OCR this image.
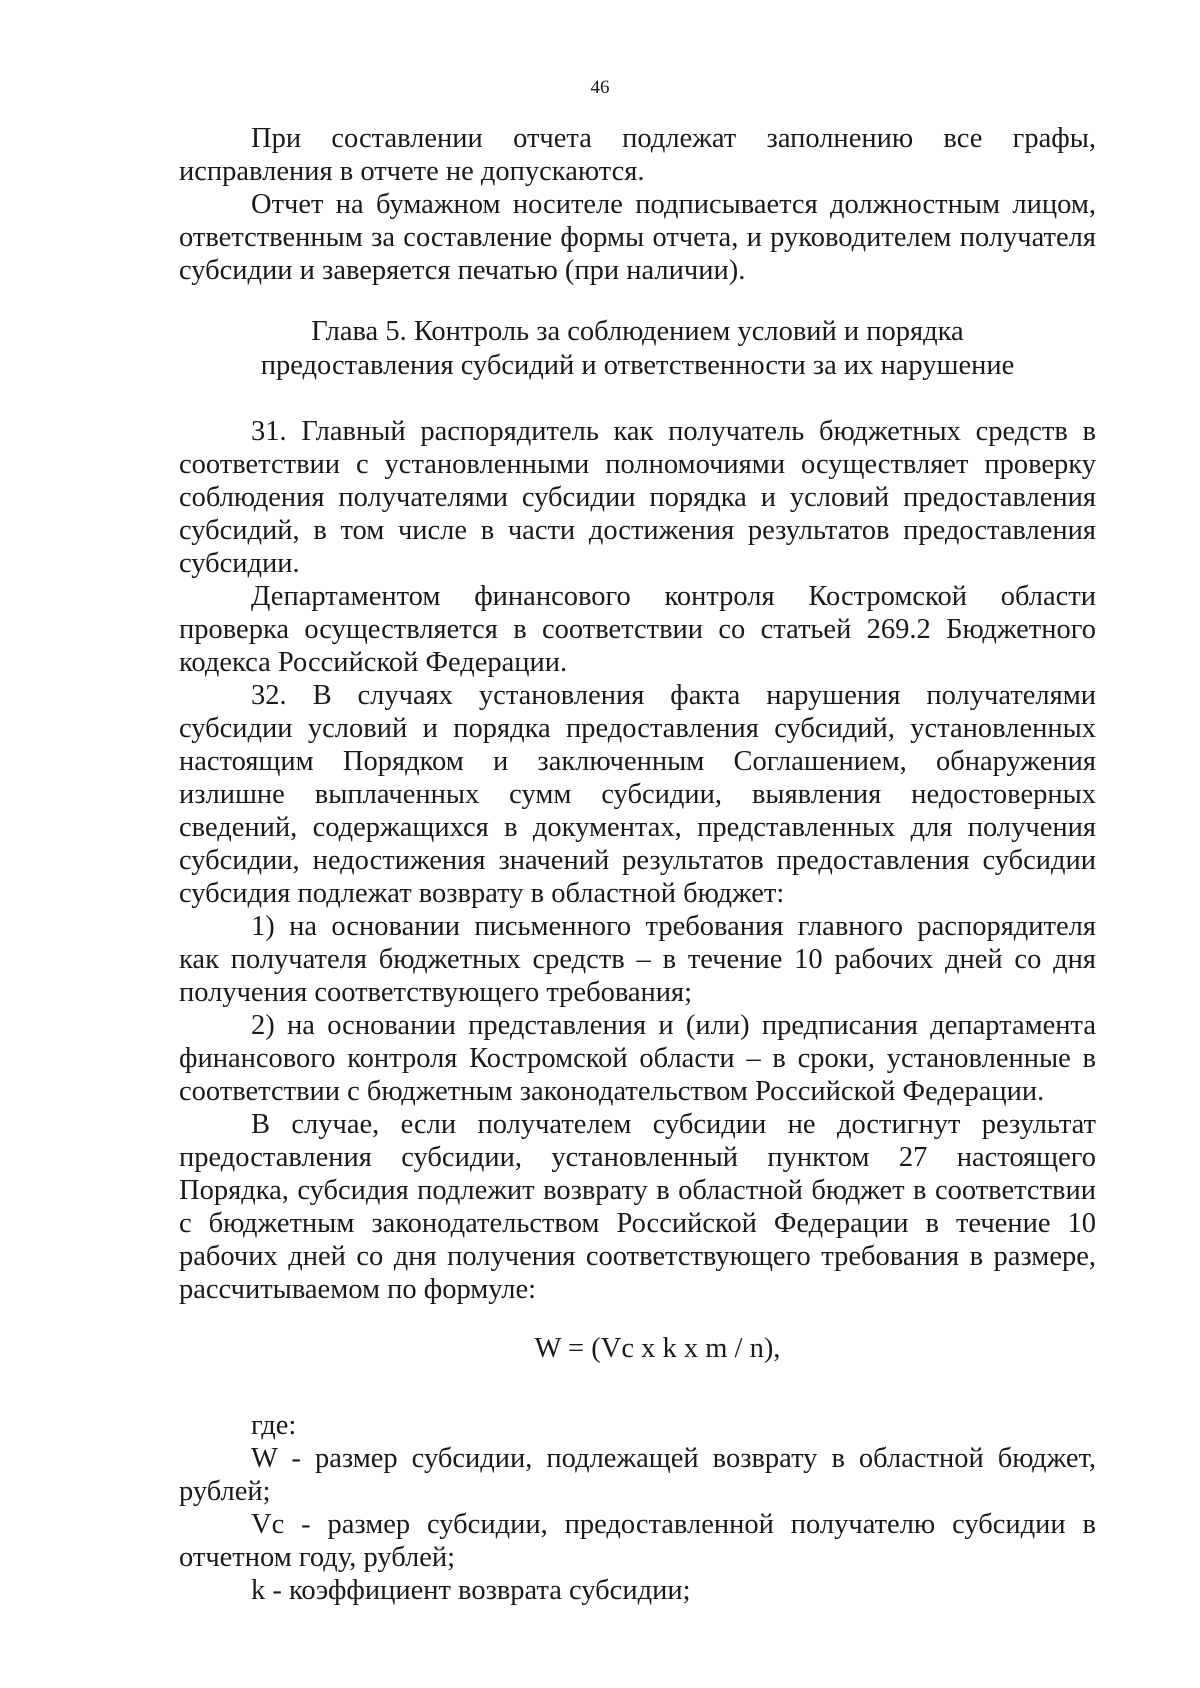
46

При составлении отчета подлежат заполнению все графы, исправления в отчете не допускаются.

Отчет на бумажном носителе подписывается должностным лицом, ответственным за составление формы отчета, и руководителем получателя субсидии и заверяется печатью (при наличии).

Глава 5. Контроль за соблюдением условий и порядка
предоставления субсидий и ответственности за их нарушение

31. Главный распорядитель как получатель бюджетных средств в соответствии с установленными полномочиями осуществляет проверку соблюдения получателями субсидии порядка и условий предоставления субсидий, в том числе в части достижения результатов предоставления субсидии.

Департаментом финансового контроля Костромской области проверка осуществляется в соответствии со статьей 269.2 Бюджетного кодекса Российской Федерации.

32. В случаях установления факта нарушения получателями субсидии условий и порядка предоставления субсидий, установленных настоящим Порядком и заключенным Соглашением, обнаружения излишне выплаченных сумм субсидии, выявления недостоверных сведений, содержащихся в документах, представленных для получения субсидии, недостижения значений результатов предоставления субсидии субсидия подлежат возврату в областной бюджет:

1) на основании письменного требования главного распорядителя как получателя бюджетных средств – в течение 10 рабочих дней со дня получения соответствующего требования;

2) на основании представления и (или) предписания департамента финансового контроля Костромской области – в сроки, установленные в соответствии с бюджетным законодательством Российской Федерации.

В случае, если получателем субсидии не достигнут результат предоставления субсидии, установленный пунктом 27 настоящего Порядка, субсидия подлежит возврату в областной бюджет в соответствии с бюджетным законодательством Российской Федерации в течение 10 рабочих дней со дня получения соответствующего требования в размере, рассчитываемом по формуле:

W = (Vc x k x m / n),

где:

W - размер субсидии, подлежащей возврату в областной бюджет, рублей;

Vc - размер субсидии, предоставленной получателю субсидии в отчетном году, рублей;

k - коэффициент возврата субсидии;
